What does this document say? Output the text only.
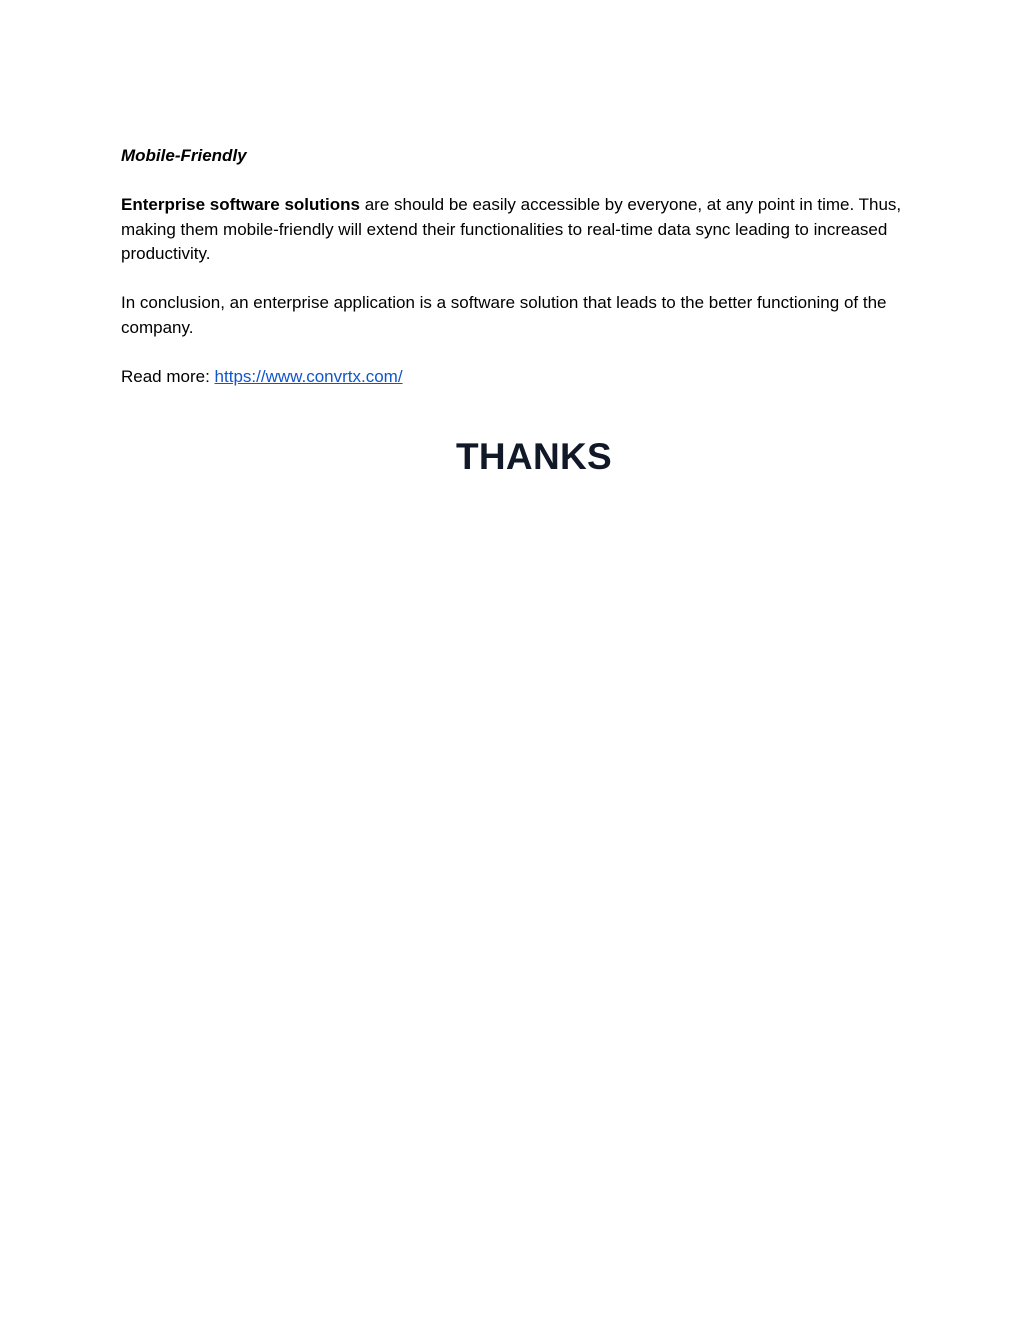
Mobile-Friendly

Enterprise software solutions are should be easily accessible by everyone, at any point in time. Thus, making them mobile-friendly will extend their functionalities to real-time data sync leading to increased productivity.

In conclusion, an enterprise application is a software solution that leads to the better functioning of the company.

Read more: https://www.convrtx.com/

THANKS
